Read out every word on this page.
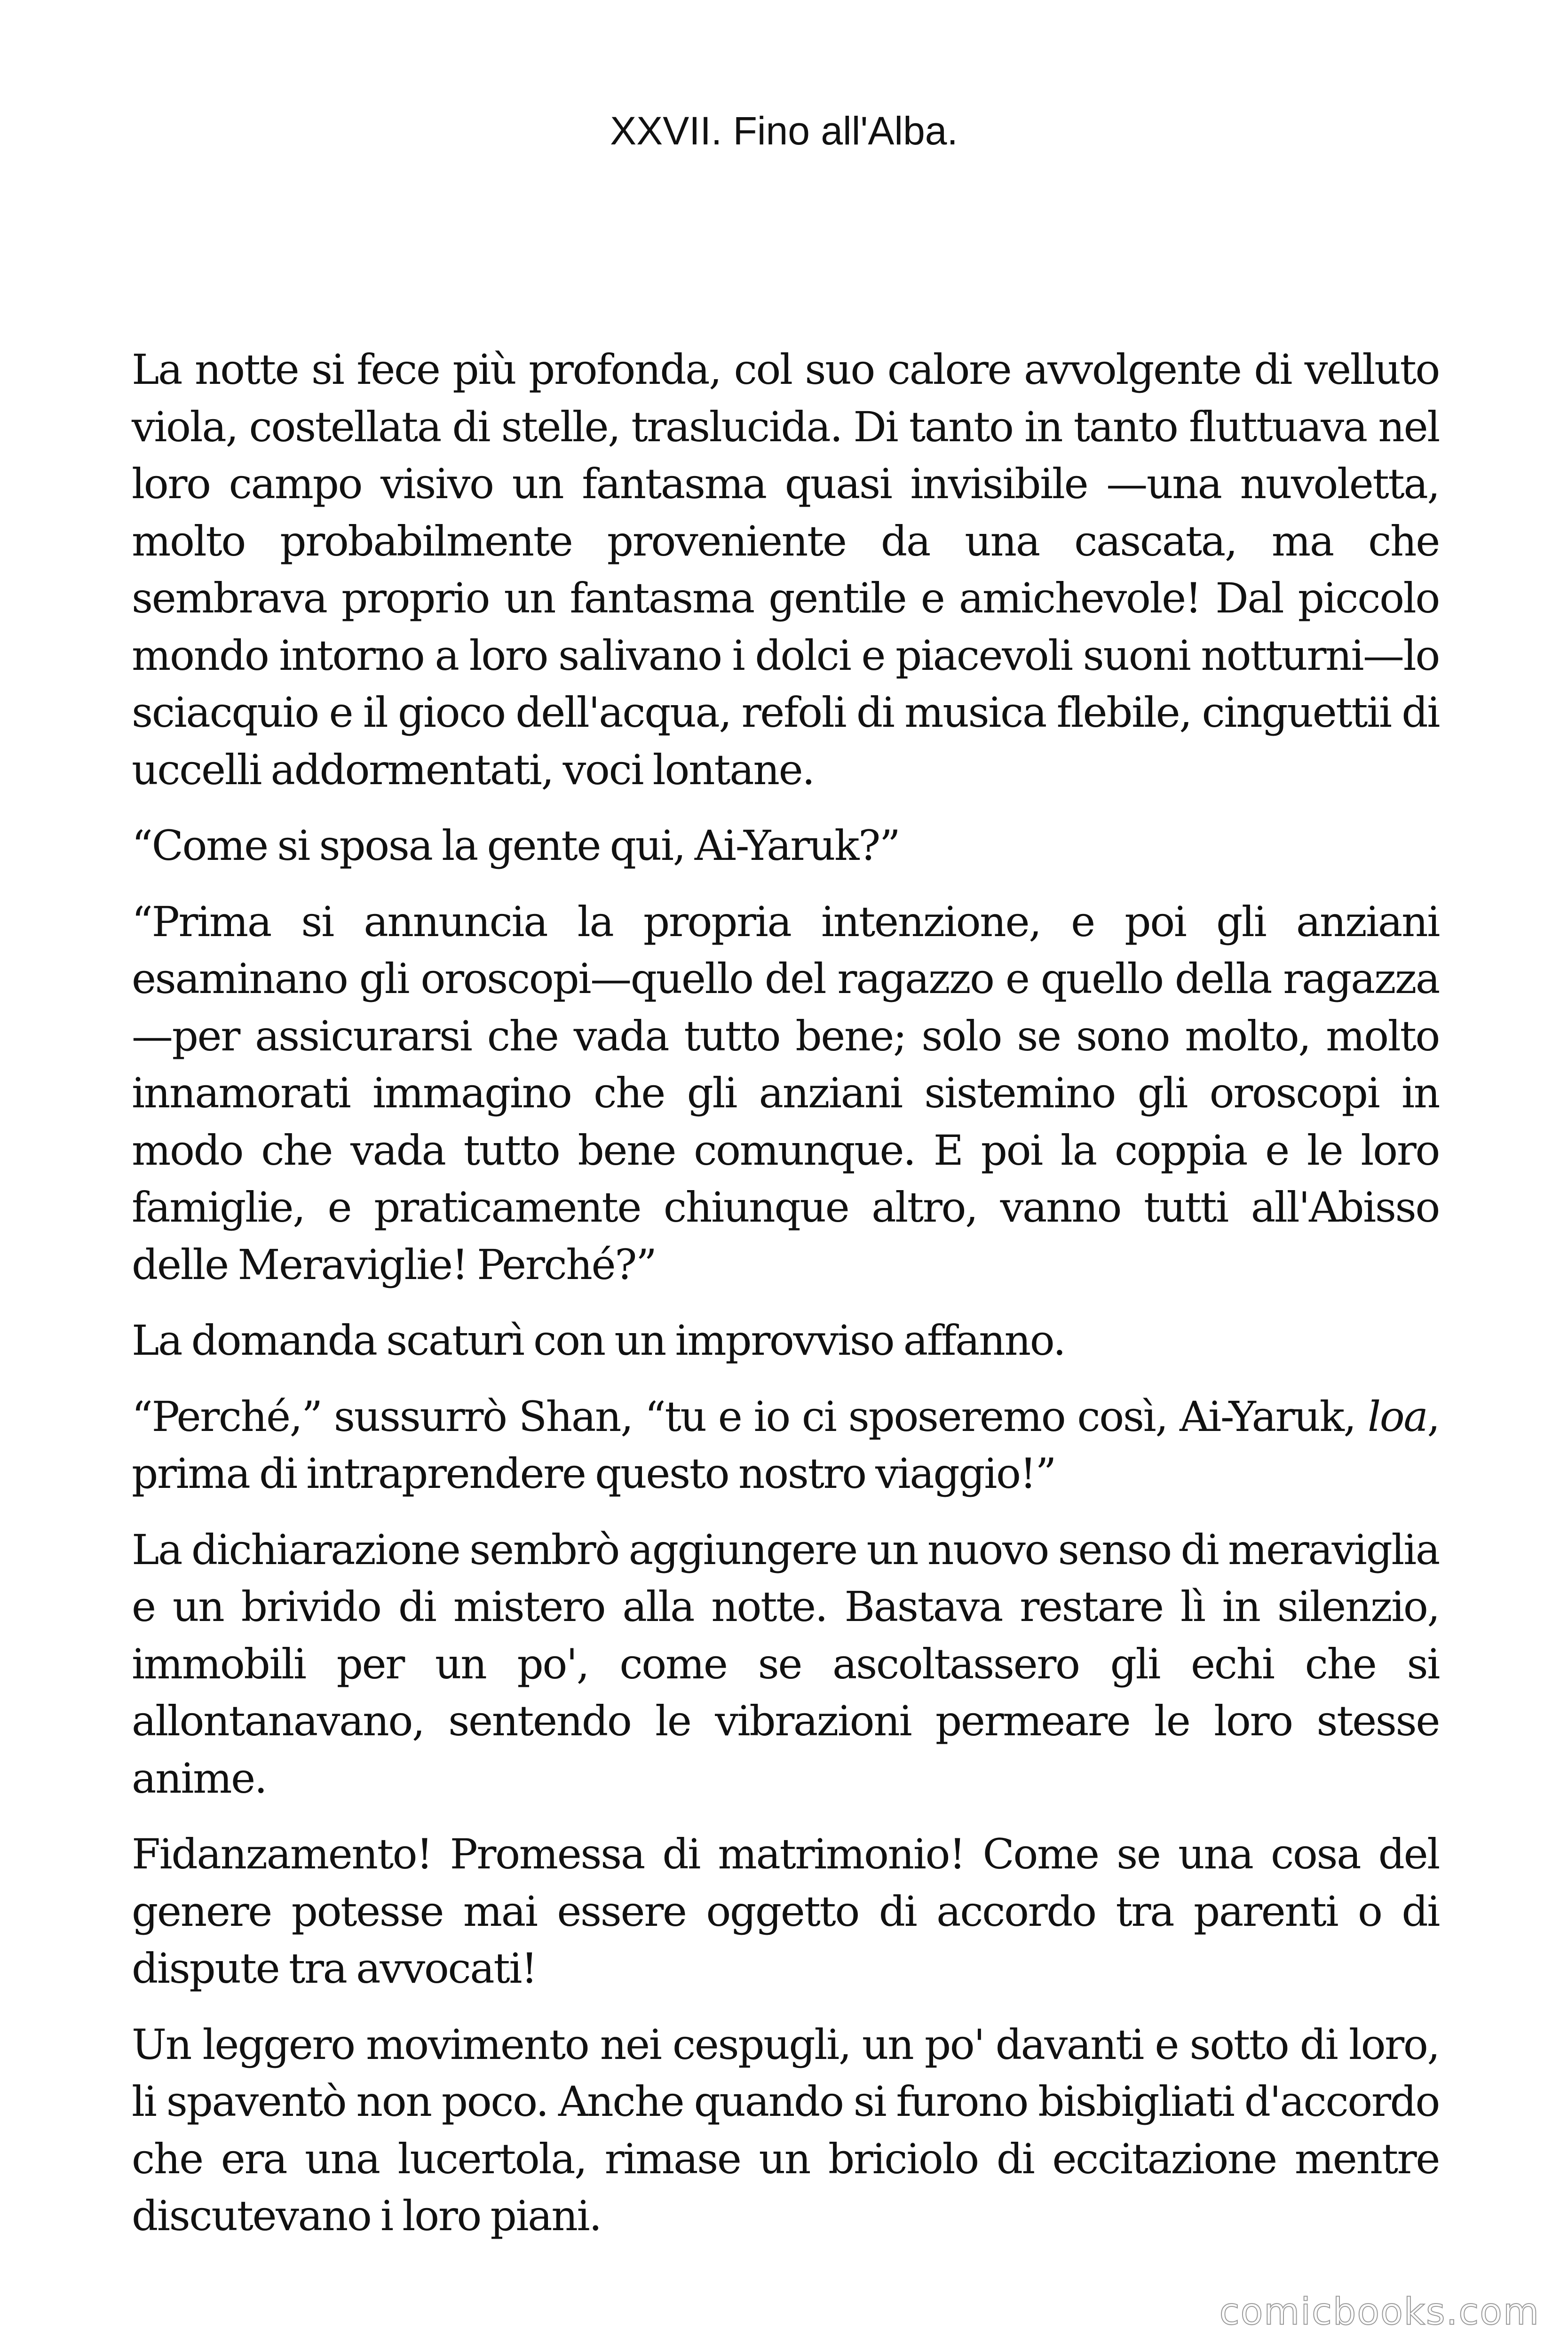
XXVII. Fino all'Alba.

La notte si fece più profonda, col suo calore avvolgente di velluto viola, costellata di stelle, traslucida. Di tanto in tanto fluttuava nel loro campo visivo un fantasma quasi invisibile —una nuvoletta, molto probabilmente proveniente da una cascata, ma che sembrava proprio un fantasma gentile e amichevole! Dal piccolo mondo intorno a loro salivano i dolci e piacevoli suoni notturni—lo sciacquio e il gioco dell'acqua, refoli di musica flebile, cinguettii di uccelli addormentati, voci lontane.

“Come si sposa la gente qui, Ai-Yaruk?”

“Prima si annuncia la propria intenzione, e poi gli anziani esaminano gli oroscopi—quello del ragazzo e quello della ragazza—per assicurarsi che vada tutto bene; solo se sono molto, molto innamorati immagino che gli anziani sistemino gli oroscopi in modo che vada tutto bene comunque. E poi la coppia e le loro famiglie, e praticamente chiunque altro, vanno tutti all'Abisso delle Meraviglie! Perché?”

La domanda scaturì con un improvviso affanno.

“Perché,” sussurrò Shan, “tu e io ci sposeremo così, Ai-Yaruk, loa, prima di intraprendere questo nostro viaggio!”

La dichiarazione sembrò aggiungere un nuovo senso di meraviglia e un brivido di mistero alla notte. Bastava restare lì in silenzio, immobili per un po', come se ascoltassero gli echi che si allontanavano, sentendo le vibrazioni permeare le loro stesse anime.

Fidanzamento! Promessa di matrimonio! Come se una cosa del genere potesse mai essere oggetto di accordo tra parenti o di dispute tra avvocati!

Un leggero movimento nei cespugli, un po' davanti e sotto di loro, li spaventò non poco. Anche quando si furono bisbigliati d'accordo che era una lucertola, rimase un briciolo di eccitazione mentre discutevano i loro piani.

comicbooks.com
